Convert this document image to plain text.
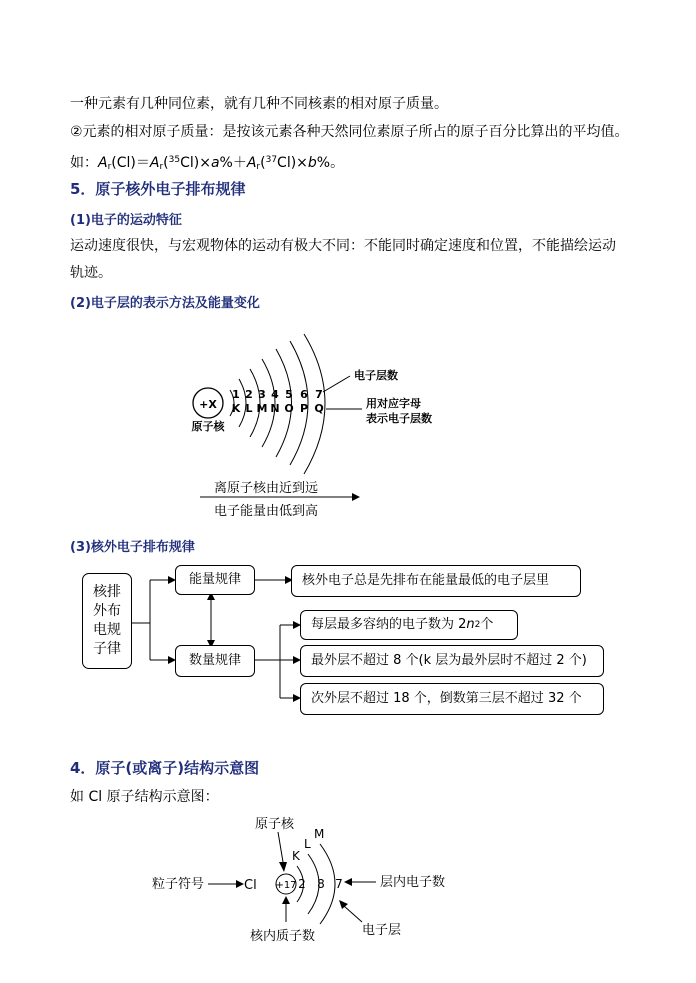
一种元素有几种同位素，就有几种不同核素的相对原子质量。
②元素的相对原子质量：是按该元素各种天然同位素原子所占的原子百分比算出的平均值。
如：$A_r(Cl)=A_r(^{35}Cl)\times a\%+A_r(^{37}Cl)\times b\%$。
5．原子核外电子排布规律
(1)电子的运动特征
运动速度很快，与宏观物体的运动有极大不同：不能同时确定速度和位置，不能描绘运动
轨迹。
(2)电子层的表示方法及能量变化
+X
原子核
1 2 3 4 5 6 7
K L M N O P Q
电子层数
用对应字母
表示电子层数
离原子核由近到远
电子能量由低到高
(3)核外电子排布规律
核排
外布
电规
子律
能量规律	核外电子总是先排布在能量最低的电子层里
数量规律
每层最多容纳的电子数为 2 n 2 个
最外层不超过 8 个(k 层为最外层时不超过 2 个)
次外层不超过 18 个，倒数第三层不超过 32 个
4．原子(或离子)结构示意图
如 Cl 原子结构示意图：
原子核
粒子符号	Cl +17 2 8 7
K
L
M
层内电子数
核内质子数	电子层
